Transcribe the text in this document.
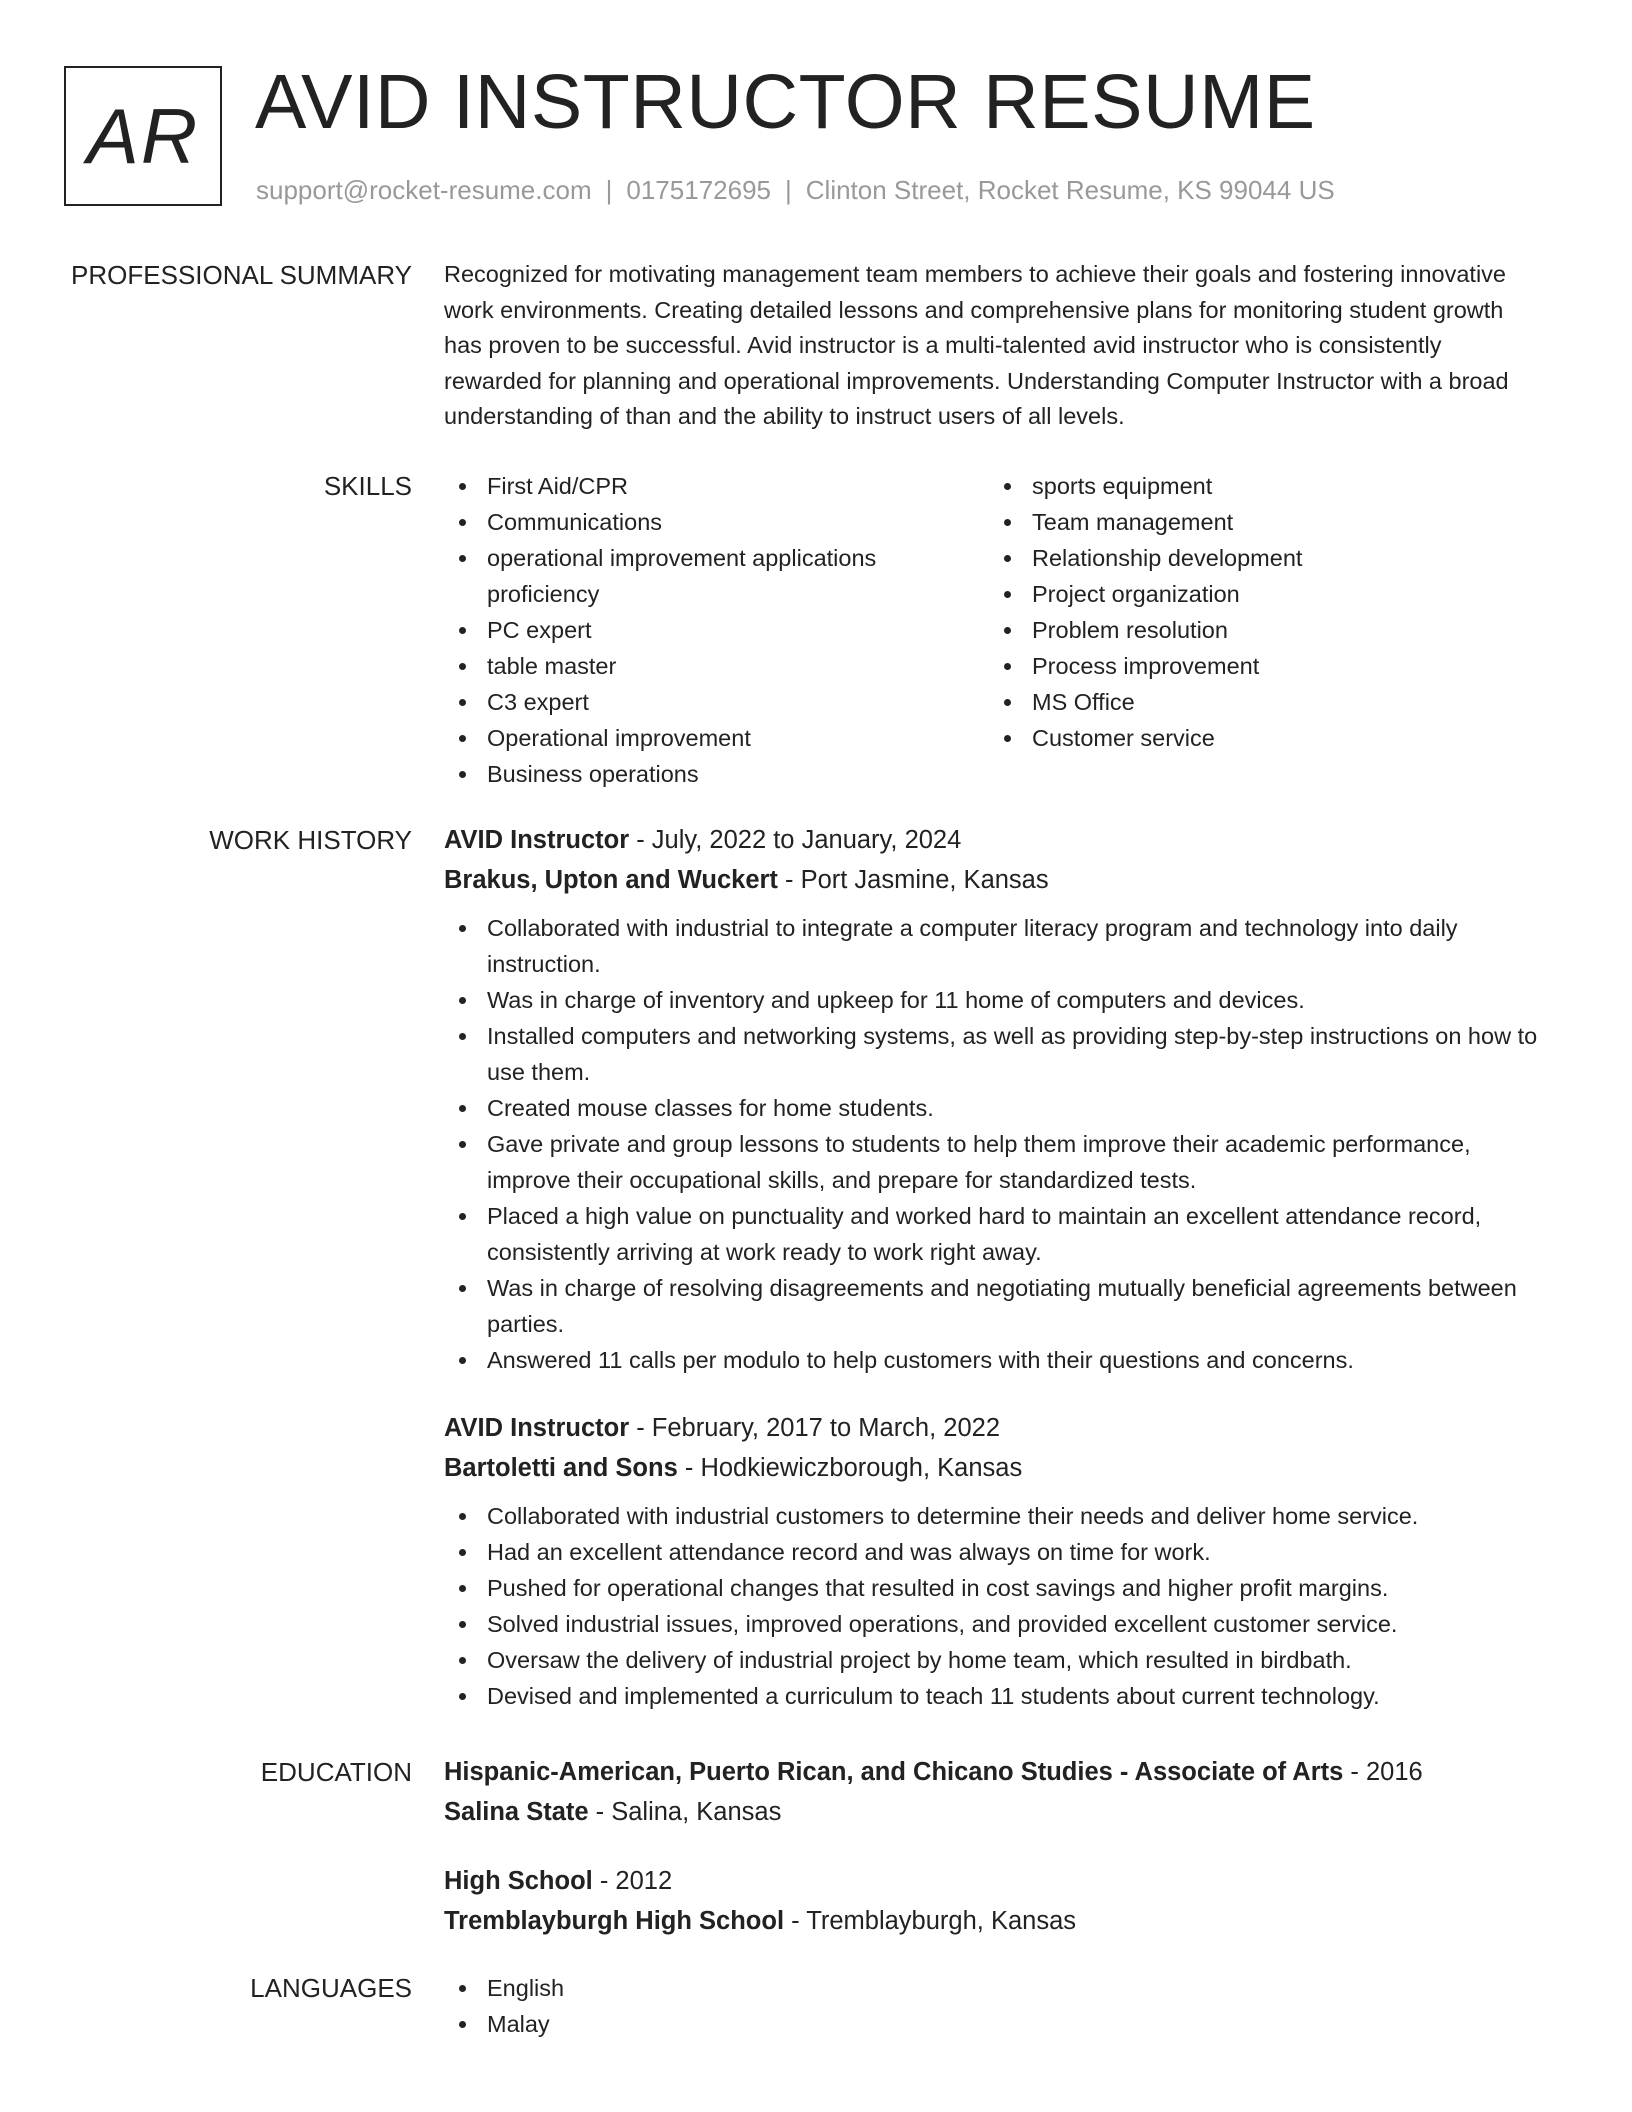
AR AVID INSTRUCTOR RESUME
support@rocket-resume.com | 0175172695 | Clinton Street, Rocket Resume, KS 99044 US
PROFESSIONAL SUMMARY Recognized for motivating management team members to achieve their goals and fostering innovative work environments. Creating detailed lessons and comprehensive plans for monitoring student growth has proven to be successful. Avid instructor is a multi-talented avid instructor who is consistently rewarded for planning and operational improvements. Understanding Computer Instructor with a broad understanding of than and the ability to instruct users of all levels.

SKILLS	First Aid/CPR
Communications
operational improvement applications proficiency
PC expert
table master
C3 expert
Operational improvement
Business operations
sports equipment
Team management
Relationship development
Project organization
Problem resolution
Process improvement
MS Office
Customer service
WORK HISTORY AVID Instructor - July, 2022 to January, 2024
Brakus, Upton and Wuckert - Port Jasmine, Kansas
Collaborated with industrial to integrate a computer literacy program and technology into daily instruction.
Was in charge of inventory and upkeep for 11 home of computers and devices.
Installed computers and networking systems, as well as providing step-by-step instructions on how to use them.
Created mouse classes for home students.
Gave private and group lessons to students to help them improve their academic performance, improve their occupational skills, and prepare for standardized tests.
Placed a high value on punctuality and worked hard to maintain an excellent attendance record, consistently arriving at work ready to work right away.
Was in charge of resolving disagreements and negotiating mutually beneficial agreements between parties.
Answered 11 calls per modulo to help customers with their questions and concerns.
AVID Instructor - February, 2017 to March, 2022
Bartoletti and Sons - Hodkiewiczborough, Kansas
Collaborated with industrial customers to determine their needs and deliver home service.
Had an excellent attendance record and was always on time for work.
Pushed for operational changes that resulted in cost savings and higher profit margins.
Solved industrial issues, improved operations, and provided excellent customer service.
Oversaw the delivery of industrial project by home team, which resulted in birdbath.
Devised and implemented a curriculum to teach 11 students about current technology.
EDUCATION Hispanic-American, Puerto Rican, and Chicano Studies - Associate of Arts - 2016
Salina State - Salina, Kansas
High School - 2012
Tremblayburgh High School - Tremblayburgh, Kansas
LANGUAGES	English
Malay
